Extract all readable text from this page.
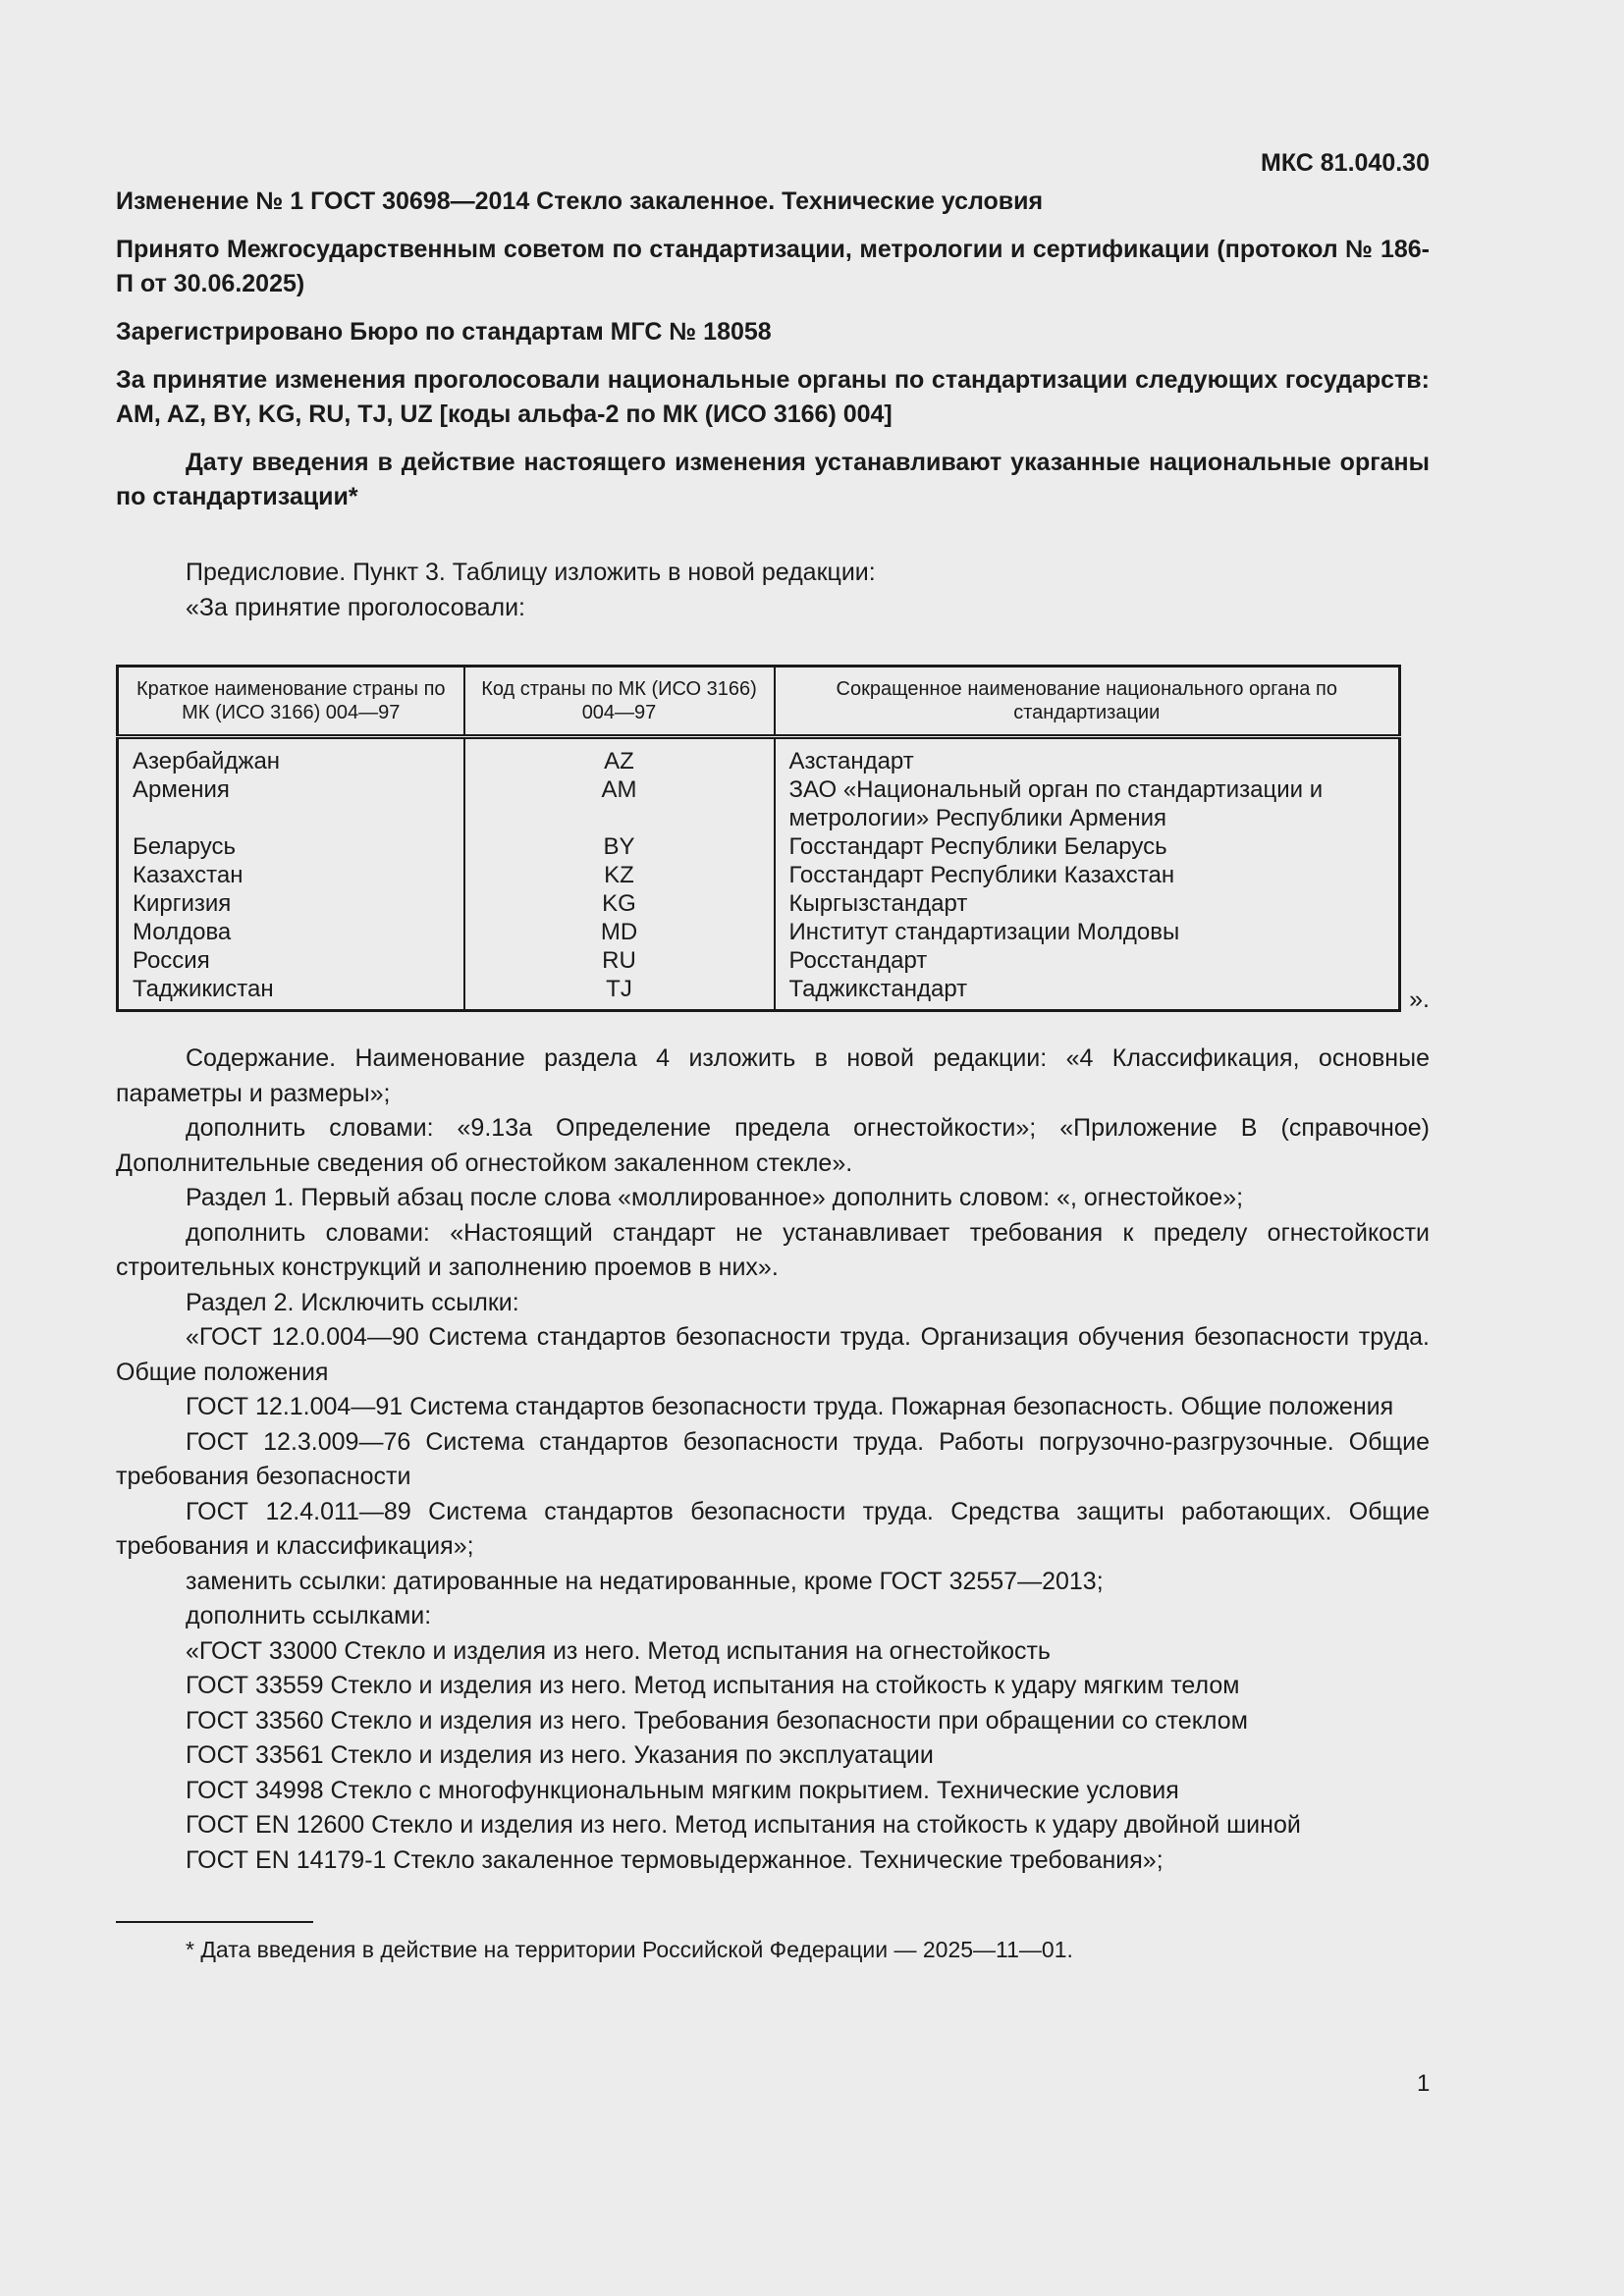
МКС 81.040.30
Изменение № 1 ГОСТ 30698—2014 Стекло закаленное. Технические условия
Принято Межгосударственным советом по стандартизации, метрологии и сертификации (протокол № 186-П от 30.06.2025)
Зарегистрировано Бюро по стандартам МГС № 18058
За принятие изменения проголосовали национальные органы по стандартизации следующих государств: AM, AZ, BY, KG, RU, TJ, UZ [коды альфа-2 по МК (ИСО 3166) 004]
Дату введения в действие настоящего изменения устанавливают указанные национальные органы по стандартизации*

Предисловие. Пункт 3. Таблицу изложить в новой редакции:

«За принятие проголосовали:

Краткое наименование страны по МК (ИСО 3166) 004—97	Код страны по МК (ИСО 3166) 004—97	Сокращенное наименование национального органа по стандартизации
Азербайджан	AZ	Азстандарт
Армения	AM	ЗАО «Национальный орган по стандартизации и метрологии» Республики Армения
Беларусь	BY	Госстандарт Республики Беларусь
Казахстан	KZ	Госстандарт Республики Казахстан
Киргизия	KG	Кыргызстандарт
Молдова	MD	Институт стандартизации Молдовы
Россия	RU	Росстандарт
Таджикистан	TJ	Таджикстандарт	».

Содержание. Наименование раздела 4 изложить в новой редакции: «4 Классификация, основные параметры и размеры»;

дополнить словами: «9.13а Определение предела огнестойкости»; «Приложение В (справочное) Дополнительные сведения об огнестойком закаленном стекле».

Раздел 1. Первый абзац после слова «моллированное» дополнить словом: «, огнестойкое»;

дополнить словами: «Настоящий стандарт не устанавливает требования к пределу огнестойкости строительных конструкций и заполнению проемов в них».

Раздел 2. Исключить ссылки:

«ГОСТ 12.0.004—90 Система стандартов безопасности труда. Организация обучения безопасности труда. Общие положения

ГОСТ 12.1.004—91 Система стандартов безопасности труда. Пожарная безопасность. Общие положения

ГОСТ 12.3.009—76 Система стандартов безопасности труда. Работы погрузочно-разгрузочные. Общие требования безопасности

ГОСТ 12.4.011—89 Система стандартов безопасности труда. Средства защиты работающих. Общие требования и классификация»;

заменить ссылки: датированные на недатированные, кроме ГОСТ 32557—2013;

дополнить ссылками:

«ГОСТ 33000 Стекло и изделия из него. Метод испытания на огнестойкость

ГОСТ 33559 Стекло и изделия из него. Метод испытания на стойкость к удару мягким телом

ГОСТ 33560 Стекло и изделия из него. Требования безопасности при обращении со стеклом

ГОСТ 33561 Стекло и изделия из него. Указания по эксплуатации

ГОСТ 34998 Стекло с многофункциональным мягким покрытием. Технические условия

ГОСТ EN 12600 Стекло и изделия из него. Метод испытания на стойкость к удару двойной шиной

ГОСТ EN 14179-1 Стекло закаленное термовыдержанное. Технические требования»;

* Дата введения в действие на территории Российской Федерации — 2025—11—01.
1
